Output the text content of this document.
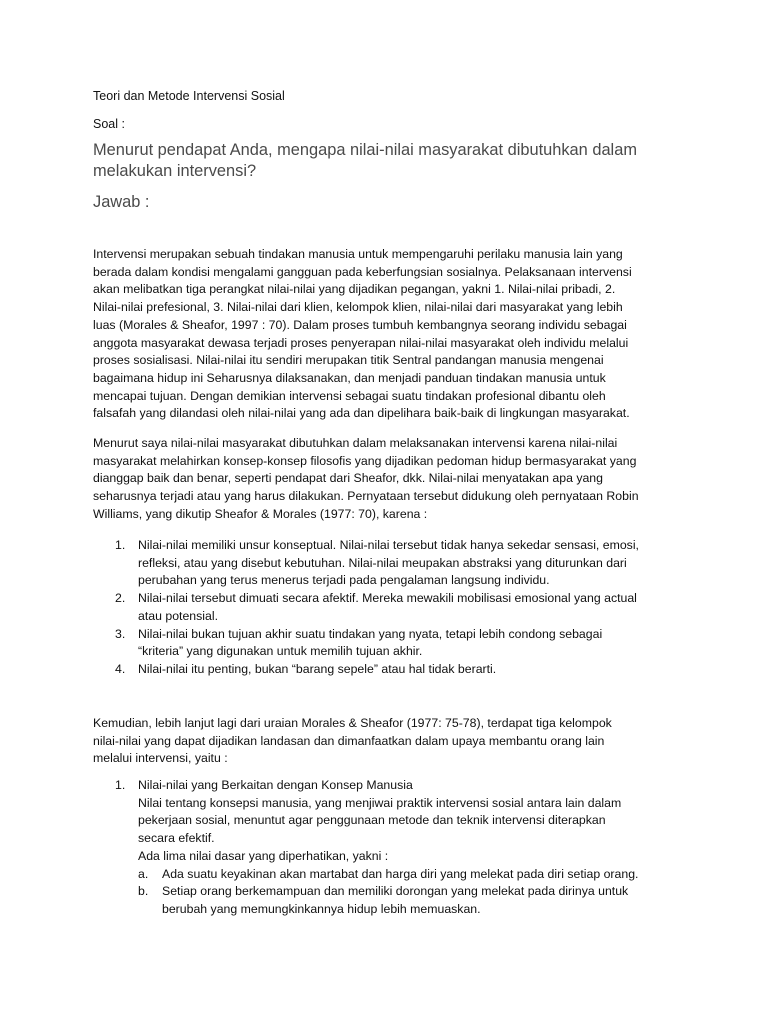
Teori dan Metode Intervensi Sosial
Soal :
Menurut pendapat Anda, mengapa nilai-nilai masyarakat dibutuhkan dalam
melakukan intervensi?
Jawab :
Intervensi merupakan sebuah tindakan manusia untuk mempengaruhi perilaku manusia lain yang
berada dalam kondisi mengalami gangguan pada keberfungsian sosialnya. Pelaksanaan intervensi
akan melibatkan tiga perangkat nilai-nilai yang dijadikan pegangan, yakni 1. Nilai-nilai pribadi, 2.
Nilai-nilai prefesional, 3. Nilai-nilai dari klien, kelompok klien, nilai-nilai dari masyarakat yang lebih
luas (Morales & Sheafor, 1997 : 70). Dalam proses tumbuh kembangnya seorang individu sebagai
anggota masyarakat dewasa terjadi proses penyerapan nilai-nilai masyarakat oleh individu melalui
proses sosialisasi. Nilai-nilai itu sendiri merupakan titik Sentral pandangan manusia mengenai
bagaimana hidup ini Seharusnya dilaksanakan, dan menjadi panduan tindakan manusia untuk
mencapai tujuan. Dengan demikian intervensi sebagai suatu tindakan profesional dibantu oleh
falsafah yang dilandasi oleh nilai-nilai yang ada dan dipelihara baik-baik di lingkungan masyarakat.
Menurut saya nilai-nilai masyarakat dibutuhkan dalam melaksanakan intervensi karena nilai-nilai
masyarakat melahirkan konsep-konsep filosofis yang dijadikan pedoman hidup bermasyarakat yang
dianggap baik dan benar, seperti pendapat dari Sheafor, dkk. Nilai-nilai menyatakan apa yang
seharusnya terjadi atau yang harus dilakukan. Pernyataan tersebut didukung oleh pernyataan Robin
Williams, yang dikutip Sheafor & Morales (1977: 70), karena :
1. Nilai-nilai memiliki unsur konseptual. Nilai-nilai tersebut tidak hanya sekedar sensasi, emosi,
refleksi, atau yang disebut kebutuhan. Nilai-nilai meupakan abstraksi yang diturunkan dari
perubahan yang terus menerus terjadi pada pengalaman langsung individu.
2. Nilai-nilai tersebut dimuati secara afektif. Mereka mewakili mobilisasi emosional yang actual
atau potensial.
3. Nilai-nilai bukan tujuan akhir suatu tindakan yang nyata, tetapi lebih condong sebagai
“kriteria” yang digunakan untuk memilih tujuan akhir.
4. Nilai-nilai itu penting, bukan “barang sepele” atau hal tidak berarti.
Kemudian, lebih lanjut lagi dari uraian Morales & Sheafor (1977: 75-78), terdapat tiga kelompok
nilai-nilai yang dapat dijadikan landasan dan dimanfaatkan dalam upaya membantu orang lain
melalui intervensi, yaitu :
1. Nilai-nilai yang Berkaitan dengan Konsep Manusia
Nilai tentang konsepsi manusia, yang menjiwai praktik intervensi sosial antara lain dalam
pekerjaan sosial, menuntut agar penggunaan metode dan teknik intervensi diterapkan
secara efektif.
Ada lima nilai dasar yang diperhatikan, yakni :
a. Ada suatu keyakinan akan martabat dan harga diri yang melekat pada diri setiap orang.
b. Setiap orang berkemampuan dan memiliki dorongan yang melekat pada dirinya untuk
berubah yang memungkinkannya hidup lebih memuaskan.
